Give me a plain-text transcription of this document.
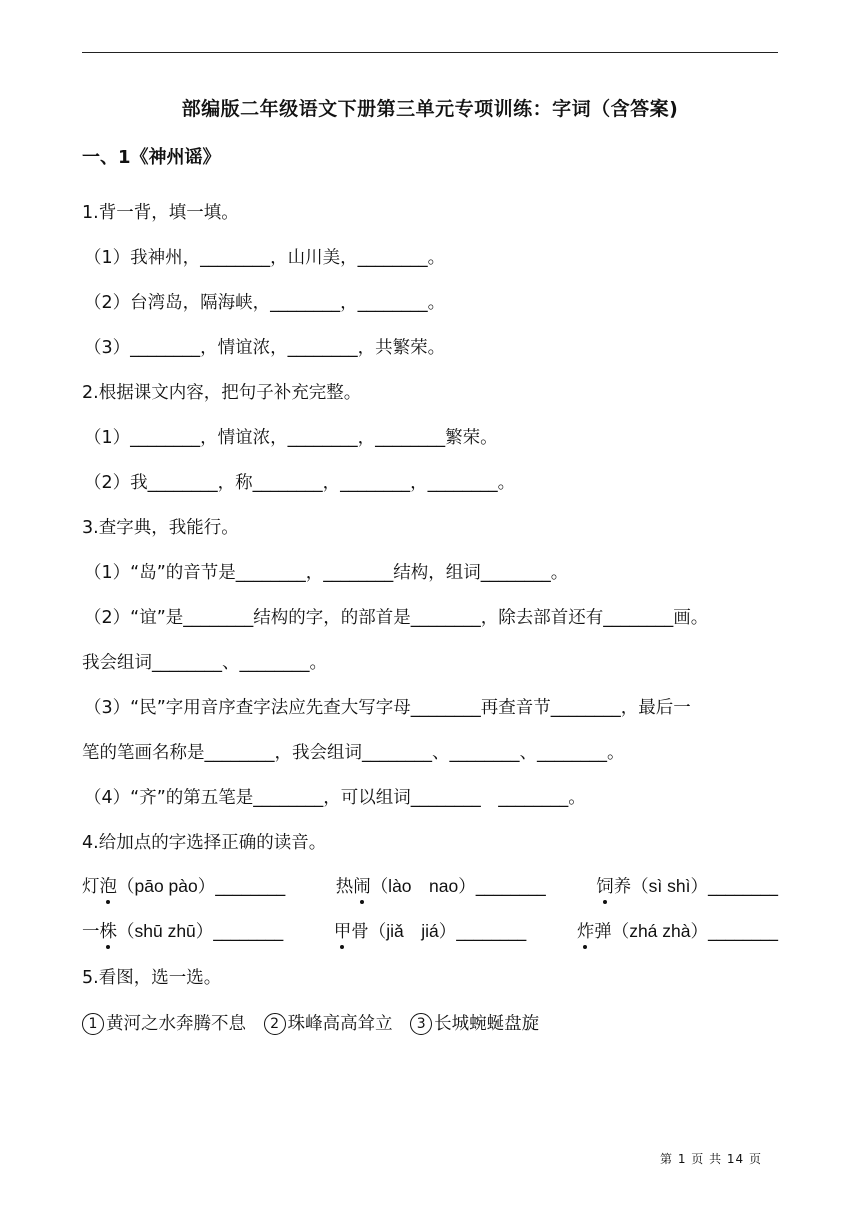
部编版二年级语文下册第三单元专项训练：字词（含答案)
一、1《神州谣》
1.背一背，填一填。
（1）我神州，________，山川美，________。
（2）台湾岛，隔海峡，________，________。
（3）________，情谊浓，________，共繁荣。
2.根据课文内容，把句子补充完整。
（1）________，情谊浓，________，________繁荣。
（2）我________，称________，________，________。
3.查字典，我能行。
（1）“岛”的音节是________，________结构，组词________。
（2）“谊”是________结构的字，的部首是________，除去部首还有________画。
我会组词________、________。
（3）“民”字用音序查字法应先查大写字母________再查音节________，最后一
笔的笔画名称是________，我会组词________、________、________。
（4）“齐”的第五笔是________，可以组词________　________。
4.给加点的字选择正确的读音。
灯泡（pāo pào）________	热闹（lào　nao）________	饲养（sì shì）________
一株（shū zhū）________	甲骨（jiǎ　jiá）________	炸弹（zhá zhà）________
5.看图，选一选。
1 黄河之水奔腾不息 2 珠峰高高耸立 3 长城蜿蜒盘旋
第 1 页 共 14 页
